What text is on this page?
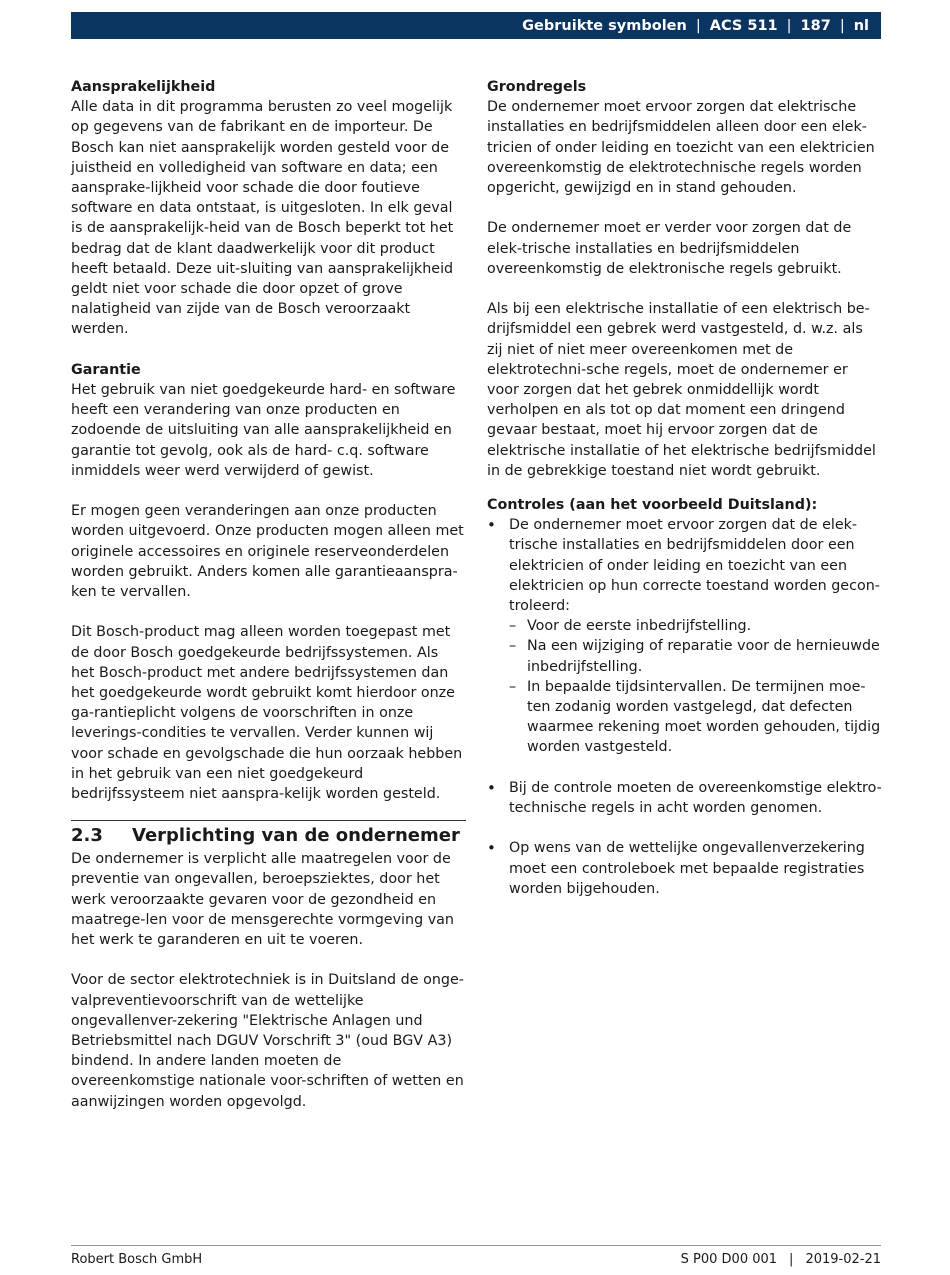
Gebruikte symbolen | ACS 511 | 187 | nl
Aansprakelijkheid

Alle data in dit programma berusten zo veel mogelijk op gegevens van de fabrikant en de importeur. De Bosch kan niet aansprakelijk worden gesteld voor de juistheid en volledigheid van software en data; een aansprake-lijkheid voor schade die door foutieve software en data ontstaat, is uitgesloten. In elk geval is de aansprakelijk-heid van de Bosch beperkt tot het bedrag dat de klant daadwerkelijk voor dit product heeft betaald. Deze uit-sluiting van aansprakelijkheid geldt niet voor schade die door opzet of grove nalatigheid van zijde van de Bosch veroorzaakt werden.

Garantie

Het gebruik van niet goedgekeurde hard- en software heeft een verandering van onze producten en zodoende de uitsluiting van alle aansprakelijkheid en garantie tot gevolg, ook als de hard- c.q. software inmiddels weer werd verwijderd of gewist.

Er mogen geen veranderingen aan onze producten worden uitgevoerd. Onze producten mogen alleen met originele accessoires en originele reserveonderdelen worden gebruikt. Anders komen alle garantieaanspra-ken te vervallen.

Dit Bosch-product mag alleen worden toegepast met de door Bosch goedgekeurde bedrijfssystemen. Als het Bosch-product met andere bedrijfssystemen dan het goedgekeurde wordt gebruikt komt hierdoor onze ga-rantieplicht volgens de voorschriften in onze leverings-condities te vervallen. Verder kunnen wij voor schade en gevolgschade die hun oorzaak hebben in het gebruik van een niet goedgekeurd bedrijfssysteem niet aanspra-kelijk worden gesteld.

2.3	Verplichting van de ondernemer

De ondernemer is verplicht alle maatregelen voor de preventie van ongevallen, beroepsziektes, door het werk veroorzaakte gevaren voor de gezondheid en maatrege-len voor de mensgerechte vormgeving van het werk te garanderen en uit te voeren.

Voor de sector elektrotechniek is in Duitsland de onge-valpreventievoorschrift van de wettelijke ongevallenver-zekering "Elektrische Anlagen und Betriebsmittel nach DGUV Vorschrift 3" (oud BGV A3) bindend. In andere landen moeten de overeenkomstige nationale voor-schriften of wetten en aanwijzingen worden opgevolgd.

Grondregels

De ondernemer moet ervoor zorgen dat elektrische installaties en bedrijfsmiddelen alleen door een elek-tricien of onder leiding en toezicht van een elektricien overeenkomstig de elektrotechnische regels worden opgericht, gewijzigd en in stand gehouden.

De ondernemer moet er verder voor zorgen dat de elek-trische installaties en bedrijfsmiddelen overeenkomstig de elektronische regels gebruikt.

Als bij een elektrische installatie of een elektrisch be-drijfsmiddel een gebrek werd vastgesteld, d. w.z. als zij niet of niet meer overeenkomen met de elektrotechni-sche regels, moet de ondernemer er voor zorgen dat het gebrek onmiddellijk wordt verholpen en als tot op dat moment een dringend gevaar bestaat, moet hij ervoor zorgen dat de elektrische installatie of het elektrische bedrijfsmiddel in de gebrekkige toestand niet wordt gebruikt.

Controles (aan het voorbeeld Duitsland):
• De ondernemer moet ervoor zorgen dat de elek-trische installaties en bedrijfsmiddelen door een elektricien of onder leiding en toezicht van een elektricien op hun correcte toestand worden gecon-troleerd:
– Voor de eerste inbedrijfstelling.
– Na een wijziging of reparatie voor de hernieuwde inbedrijfstelling.
– In bepaalde tijdsintervallen. De termijnen moe-ten zodanig worden vastgelegd, dat defecten waarmee rekening moet worden gehouden, tijdig worden vastgesteld.
• Bij de controle moeten de overeenkomstige elektro-technische regels in acht worden genomen.
• Op wens van de wettelijke ongevallenverzekering moet een controleboek met bepaalde registraties worden bijgehouden.
Robert Bosch GmbH	S P00 D00 001 | 2019-02-21
